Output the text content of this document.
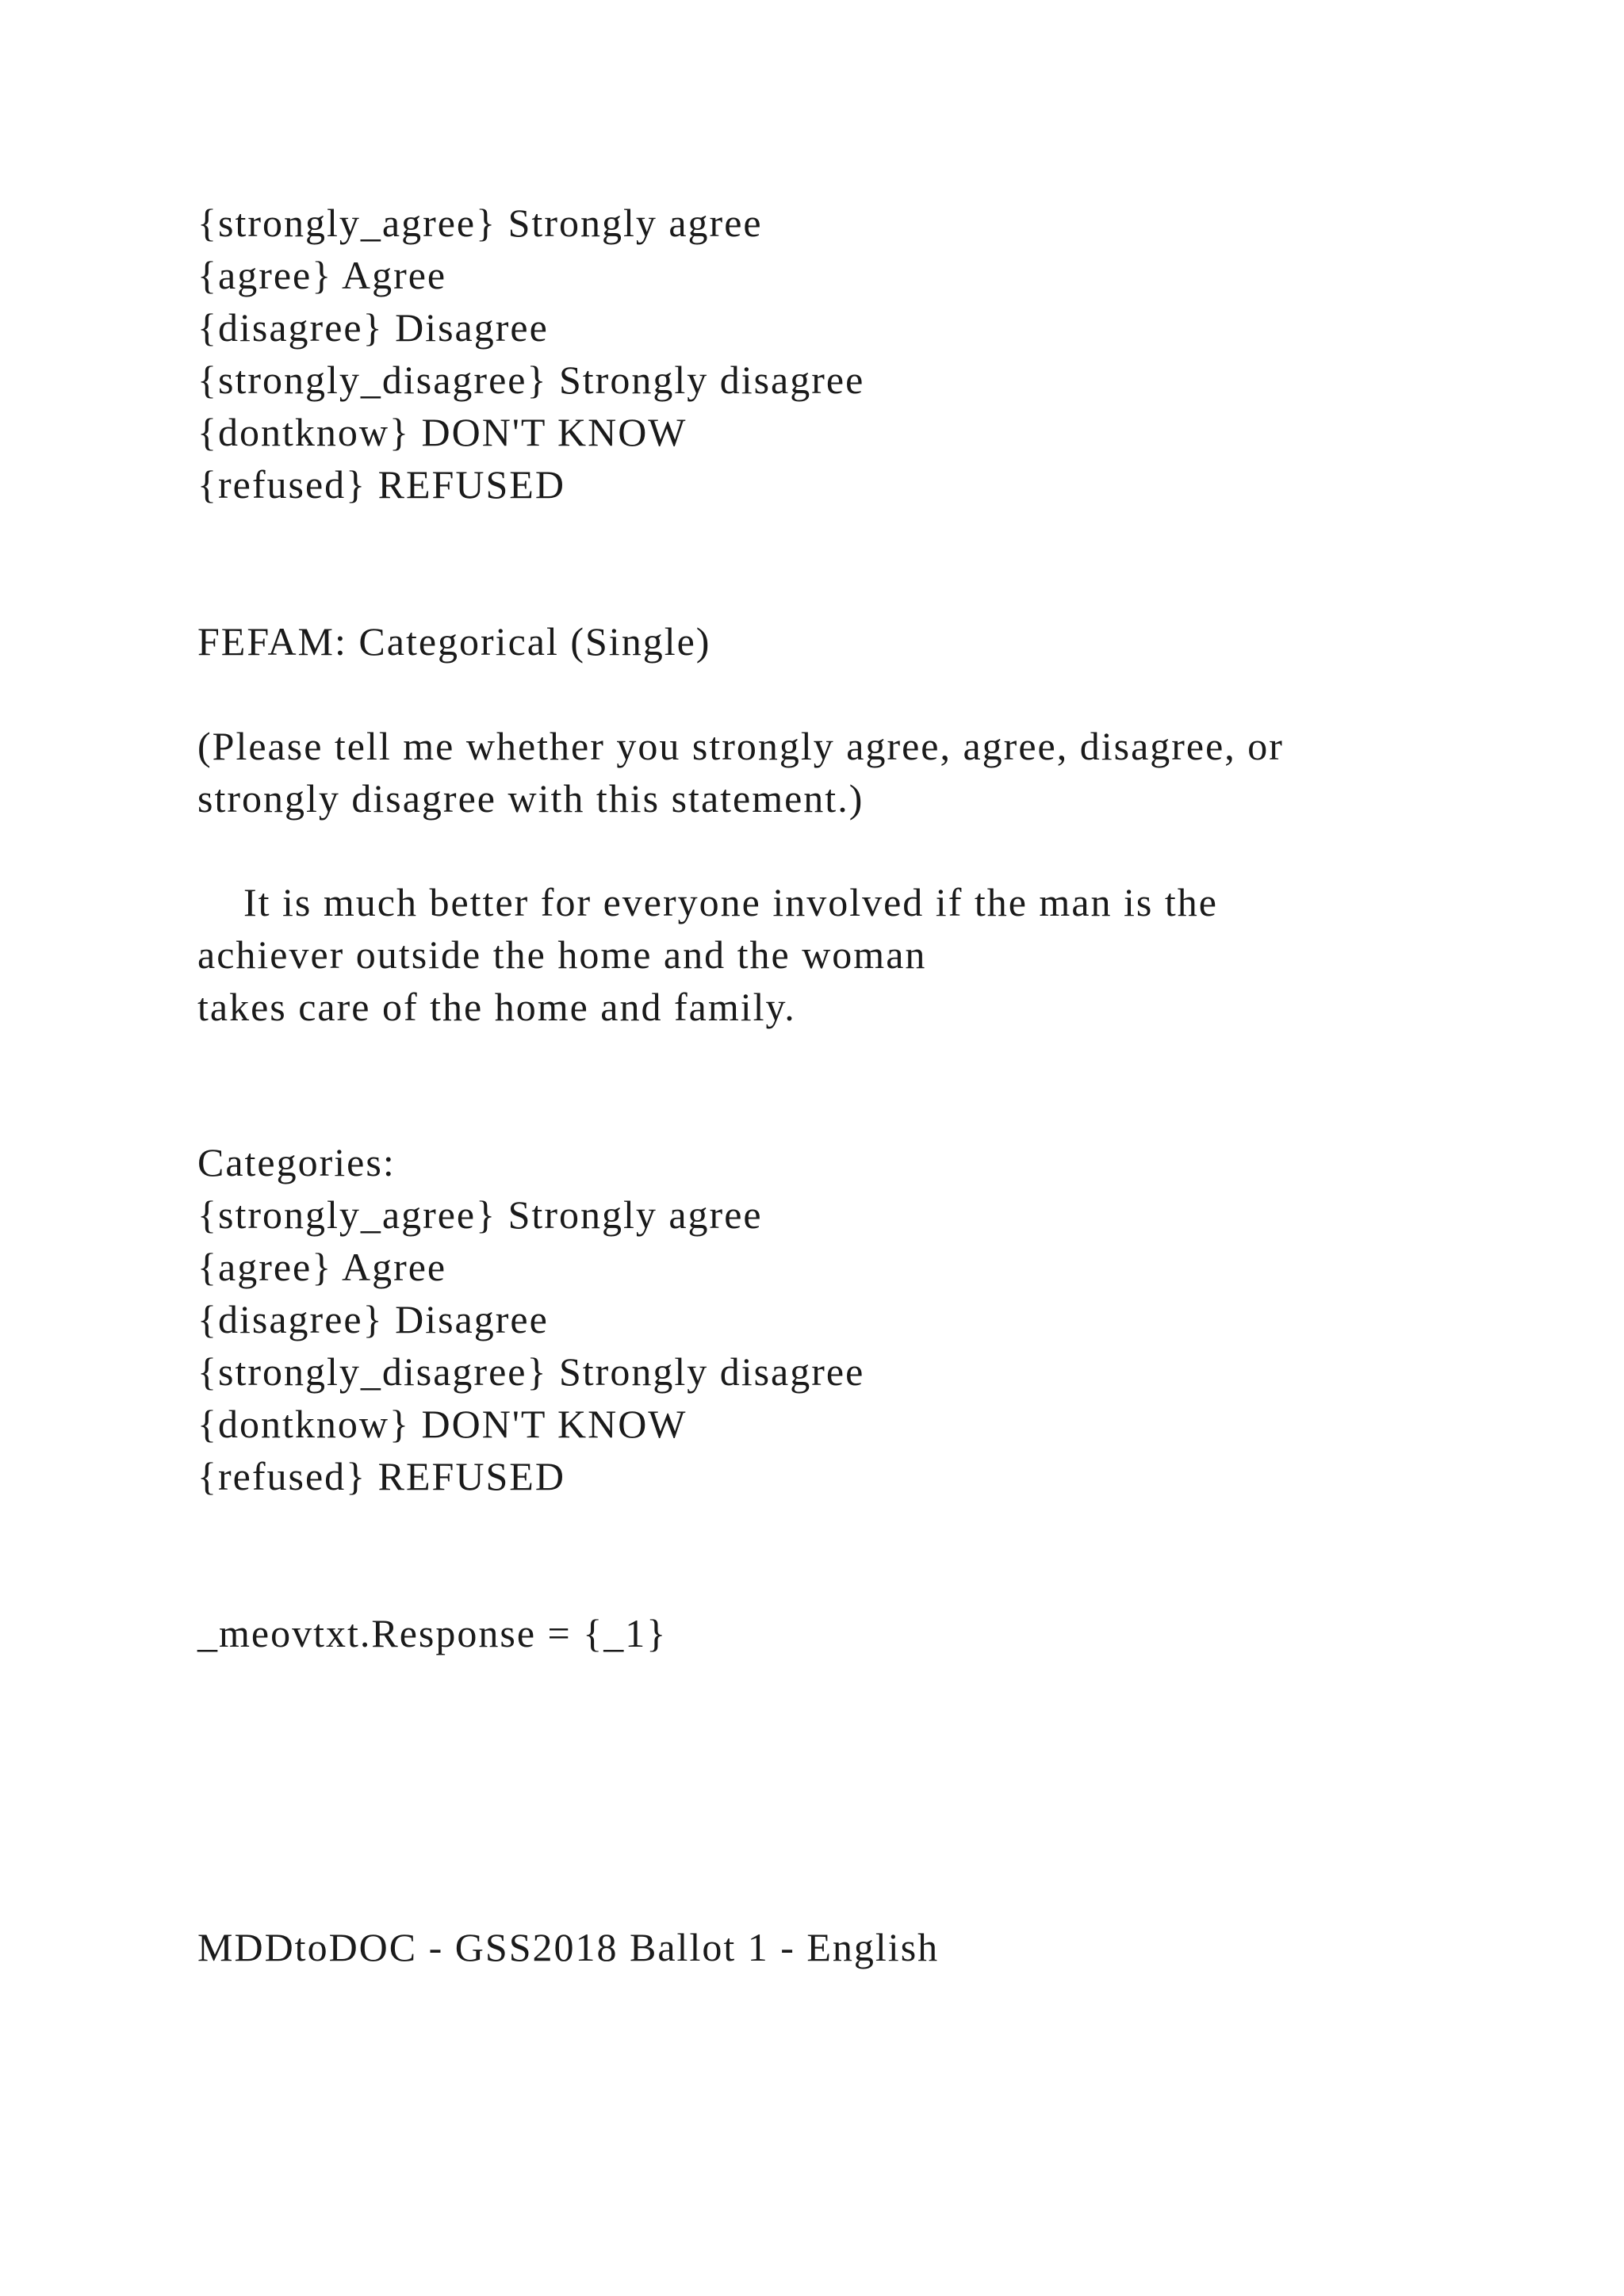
{strongly_agree} Strongly agree
{agree} Agree
{disagree} Disagree
{strongly_disagree} Strongly disagree
{dontknow} DON'T KNOW
{refused} REFUSED
FEFAM: Categorical (Single)
(Please tell me whether you strongly agree, agree, disagree, or
strongly disagree with this statement.)
It is much better for everyone involved if the man is the
achiever outside the home and the woman
takes care of the home and family.
Categories:
{strongly_agree} Strongly agree
{agree} Agree
{disagree} Disagree
{strongly_disagree} Strongly disagree
{dontknow} DON'T KNOW
{refused} REFUSED
_meovtxt.Response = {_1}
MDDtoDOC - GSS2018 Ballot 1 - English
